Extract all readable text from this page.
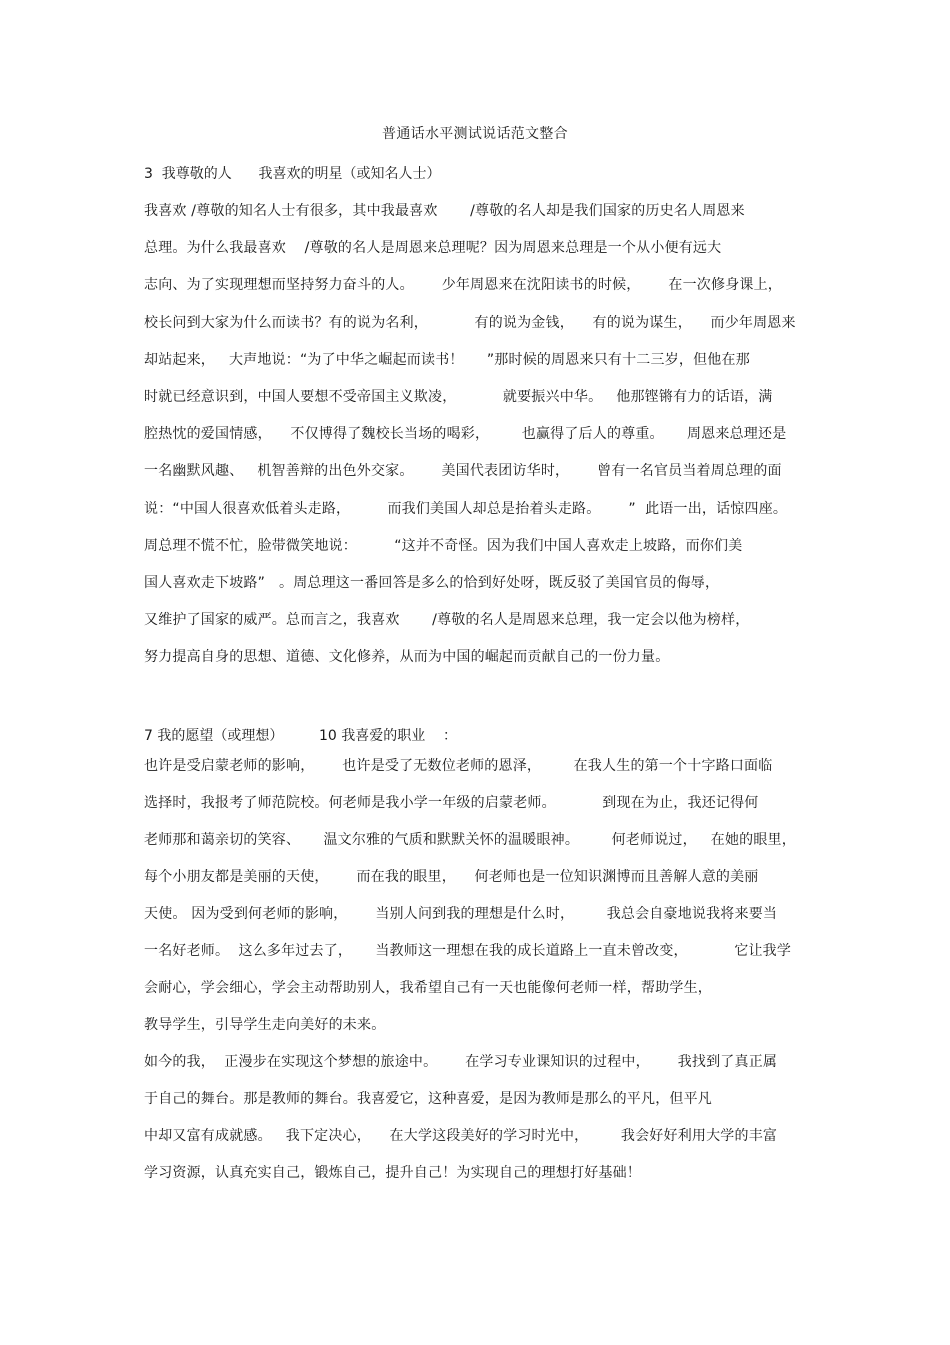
普通话水平测试说话范文整合
3  我尊敬的人      我喜欢的明星（或知名人士）
我喜欢 /尊敬的知名人士有很多，其中我最喜欢       /尊敬的名人却是我们国家的历史名人周恩来
总理。为什么我最喜欢    /尊敬的名人是周恩来总理呢？因为周恩来总理是一个从小便有远大
志向、为了实现理想而坚持努力奋斗的人。      少年周恩来在沈阳读书的时候，      在一次修身课上，
校长问到大家为什么而读书？有的说为名利，          有的说为金钱，    有的说为谋生，    而少年周恩来
却站起来，   大声地说：“为了中华之崛起而读书！     ”那时候的周恩来只有十二三岁，但他在那
时就已经意识到，中国人要想不受帝国主义欺凌，          就要振兴中华。   他那铿锵有力的话语，满
腔热忱的爱国情感，    不仅博得了魏校长当场的喝彩，       也赢得了后人的尊重。     周恩来总理还是
一名幽默风趣、   机智善辩的出色外交家。      美国代表团访华时，      曾有一名官员当着周总理的面
说：“中国人很喜欢低着头走路，        而我们美国人却总是抬着头走路。      ”  此语一出，话惊四座。
周总理不慌不忙，脸带微笑地说：        “这并不奇怪。因为我们中国人喜欢走上坡路，而你们美
国人喜欢走下坡路”   。周总理这一番回答是多么的恰到好处呀，既反驳了美国官员的侮辱，
又维护了国家的威严。总而言之，我喜欢       /尊敬的名人是周恩来总理，我一定会以他为榜样，
努力提高自身的思想、道德、文化修养，从而为中国的崛起而贡献自己的一份力量。
7 我的愿望（或理想）        10 我喜爱的职业    ：
也许是受启蒙老师的影响，      也许是受了无数位老师的恩泽，       在我人生的第一个十字路口面临
选择时，我报考了师范院校。何老师是我小学一年级的启蒙老师。          到现在为止，我还记得何
老师那和蔼亲切的笑容、     温文尔雅的气质和默默关怀的温暖眼神。       何老师说过，   在她的眼里，
每个小朋友都是美丽的天使，      而在我的眼里，    何老师也是一位知识渊博而且善解人意的美丽
天使。 因为受到何老师的影响，      当别人问到我的理想是什么时，       我总会自豪地说我将来要当
一名好老师。  这么多年过去了，     当教师这一理想在我的成长道路上一直未曾改变，          它让我学
会耐心，学会细心，学会主动帮助别人，我希望自己有一天也能像何老师一样，帮助学生，
教导学生，引导学生走向美好的未来。
如今的我，  正漫步在实现这个梦想的旅途中。      在学习专业课知识的过程中，      我找到了真正属
于自己的舞台。那是教师的舞台。我喜爱它，这种喜爱，是因为教师是那么的平凡，但平凡
中却又富有成就感。   我下定决心，    在大学这段美好的学习时光中，       我会好好利用大学的丰富
学习资源，认真充实自己，锻炼自己，提升自己！为实现自己的理想打好基础！
